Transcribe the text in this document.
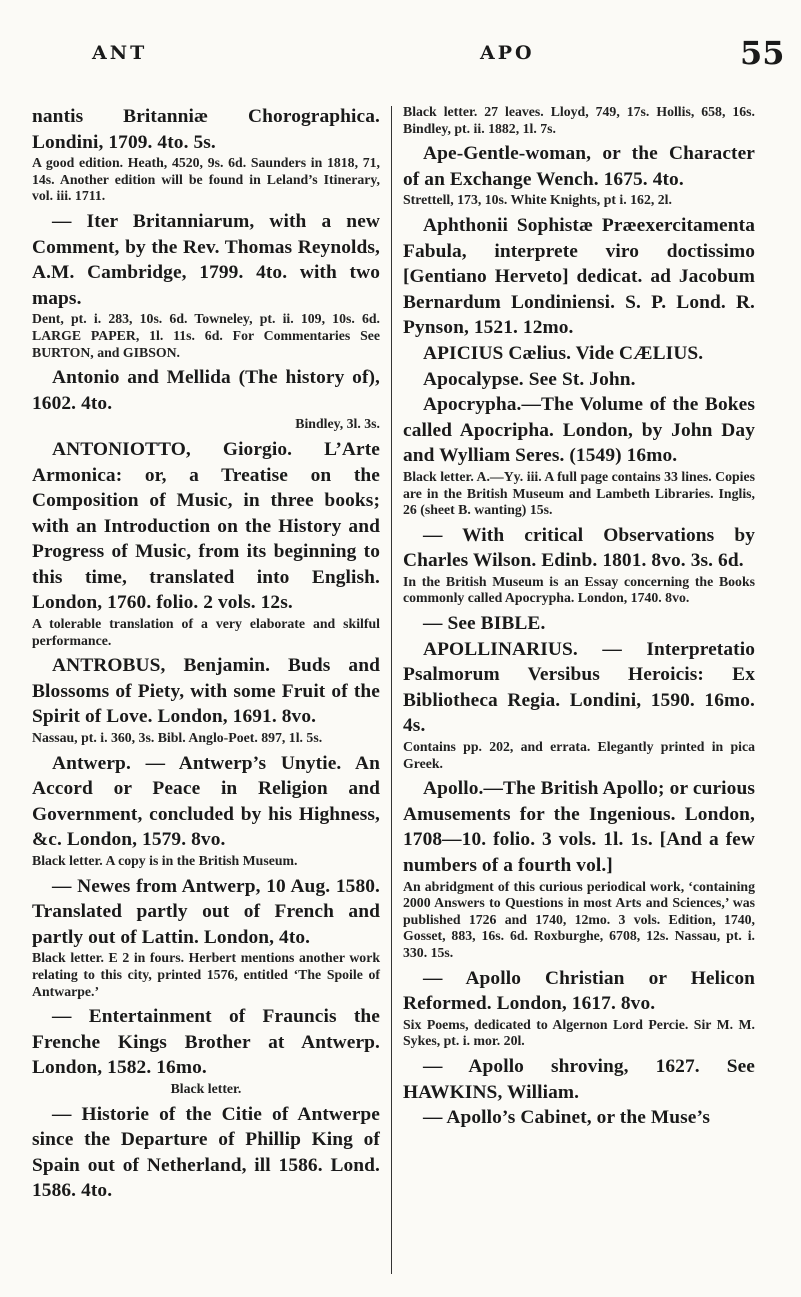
ANT	APO	55

nantis Britanniæ Chorographica. Londini, 1709. 4to. 5s.

A good edition. Heath, 4520, 9s. 6d. Saunders in 1818, 71, 14s. Another edition will be found in Leland’s Itinerary, vol. iii. 1711.

— Iter Britanniarum, with a new Comment, by the Rev. Thomas Reynolds, A.M. Cambridge, 1799. 4to. with two maps.

Dent, pt. i. 283, 10s. 6d. Towneley, pt. ii. 109, 10s. 6d. LARGE PAPER, 1l. 11s. 6d. For Commentaries See BURTON, and GIBSON.

Antonio and Mellida (The history of), 1602. 4to.

Bindley, 3l. 3s.

ANTONIOTTO, Giorgio. L’Arte Armonica: or, a Treatise on the Composition of Music, in three books; with an Introduction on the History and Progress of Music, from its beginning to this time, translated into English. London, 1760. folio. 2 vols. 12s.

A tolerable translation of a very elaborate and skilful performance.

ANTROBUS, Benjamin. Buds and Blossoms of Piety, with some Fruit of the Spirit of Love. London, 1691. 8vo.

Nassau, pt. i. 360, 3s. Bibl. Anglo-Poet. 897, 1l. 5s.

Antwerp. — Antwerp’s Unytie. An Accord or Peace in Religion and Government, concluded by his Highness, &c. London, 1579. 8vo.

Black letter. A copy is in the British Museum.

— Newes from Antwerp, 10 Aug. 1580. Translated partly out of French and partly out of Lattin. London, 4to.

Black letter. E 2 in fours. Herbert mentions another work relating to this city, printed 1576, entitled ‘The Spoile of Antwarpe.’

— Entertainment of Frauncis the Frenche Kings Brother at Antwerp. London, 1582. 16mo.

Black letter.

— Historie of the Citie of Antwerpe since the Departure of Phillip King of Spain out of Netherland, ill 1586. Lond. 1586. 4to.

Black letter. 27 leaves. Lloyd, 749, 17s. Hollis, 658, 16s. Bindley, pt. ii. 1882, 1l. 7s.

Ape-Gentle-woman, or the Character of an Exchange Wench. 1675. 4to.

Strettell, 173, 10s. White Knights, pt i. 162, 2l.

Aphthonii Sophistæ Præexercitamenta Fabula, interprete viro doctissimo [Gentiano Herveto] dedicat. ad Jacobum Bernardum Londiniensi. S. P. Lond. R. Pynson, 1521. 12mo.

APICIUS Cælius. Vide CÆLIUS.

Apocalypse. See St. John.

Apocrypha.—The Volume of the Bokes called Apocripha. London, by John Day and Wylliam Seres. (1549) 16mo.

Black letter. A.—Yy. iii. A full page contains 33 lines. Copies are in the British Museum and Lambeth Libraries. Inglis, 26 (sheet B. wanting) 15s.

— With critical Observations by Charles Wilson. Edinb. 1801. 8vo. 3s. 6d.

In the British Museum is an Essay concerning the Books commonly called Apocrypha. London, 1740. 8vo.

— See BIBLE.

APOLLINARIUS. — Interpretatio Psalmorum Versibus Heroicis: Ex Bibliotheca Regia. Londini, 1590. 16mo. 4s.

Contains pp. 202, and errata. Elegantly printed in pica Greek.

Apollo.—The British Apollo; or curious Amusements for the Ingenious. London, 1708—10. folio. 3 vols. 1l. 1s. [And a few numbers of a fourth vol.]

An abridgment of this curious periodical work, ‘containing 2000 Answers to Questions in most Arts and Sciences,’ was published 1726 and 1740, 12mo. 3 vols. Edition, 1740, Gosset, 883, 16s. 6d. Roxburghe, 6708, 12s. Nassau, pt. i. 330. 15s.

— Apollo Christian or Helicon Reformed. London, 1617. 8vo.

Six Poems, dedicated to Algernon Lord Percie. Sir M. M. Sykes, pt. i. mor. 20l.

— Apollo shroving, 1627. See HAWKINS, William.

— Apollo’s Cabinet, or the Muse’s
